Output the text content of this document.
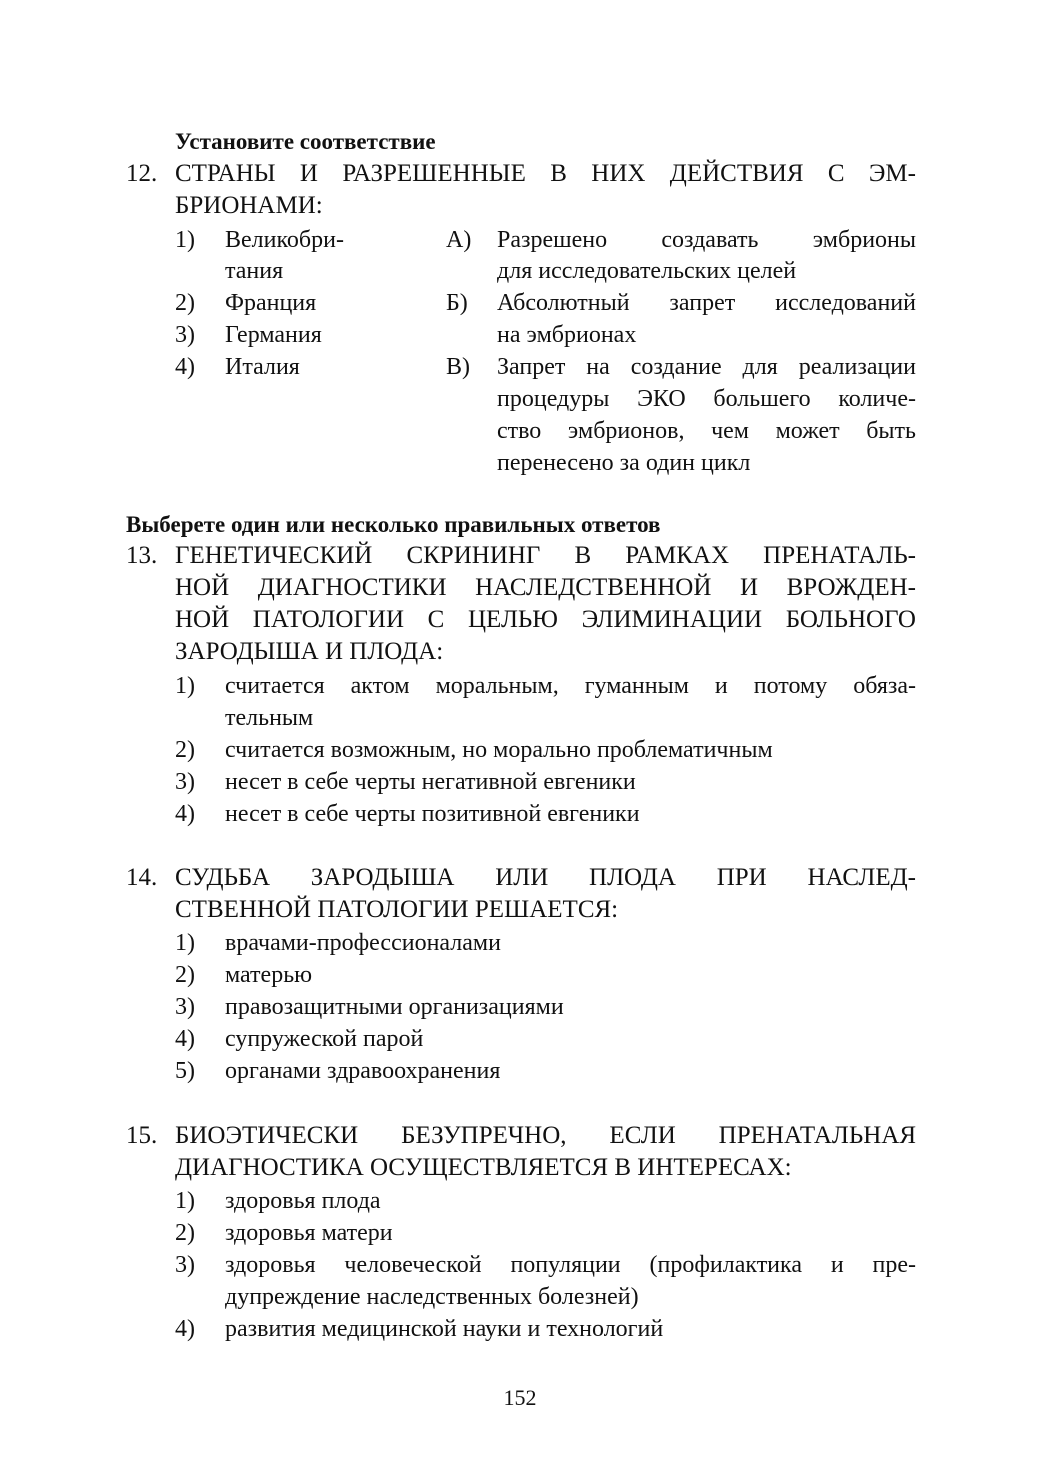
Установите соответствие
12. СТРАНЫ И РАЗРЕШЕННЫЕ В НИХ ДЕЙСТВИЯ С ЭМ-
БРИОНАМИ:
1) Великобри-
тания
2) Франция
3) Германия
4) Италия
А) Разрешено создавать эмбрионы
для исследовательских целей
Б) Абсолютный запрет исследований
на эмбрионах
В) Запрет на создание для реализации
процедуры ЭКО большего количе-
ство эмбрионов, чем может быть
перенесено за один цикл
Выберете один или несколько правильных ответов
13. ГЕНЕТИЧЕСКИЙ СКРИНИНГ В РАМКАХ ПРЕНАТАЛЬ-
НОЙ ДИАГНОСТИКИ НАСЛЕДСТВЕННОЙ И ВРОЖДЕН-
НОЙ ПАТОЛОГИИ С ЦЕЛЬЮ ЭЛИМИНАЦИИ БОЛЬНОГО
ЗАРОДЫША И ПЛОДА:
1) считается актом моральным, гуманным и потому обяза-
тельным
2) считается возможным, но морально проблематичным
3) несет в себе черты негативной евгеники
4) несет в себе черты позитивной евгеники
14. СУДЬБА ЗАРОДЫША ИЛИ ПЛОДА ПРИ НАСЛЕД-
СТВЕННОЙ ПАТОЛОГИИ РЕШАЕТСЯ:
1) врачами-профессионалами
2) матерью
3) правозащитными организациями
4) супружеской парой
5) органами здравоохранения
15. БИОЭТИЧЕСКИ БЕЗУПРЕЧНО, ЕСЛИ ПРЕНАТАЛЬНАЯ
ДИАГНОСТИКА ОСУЩЕСТВЛЯЕТСЯ В ИНТЕРЕСАХ:
1) здоровья плода
2) здоровья матери
3) здоровья человеческой популяции (профилактика и пре-
дупреждение наследственных болезней)
4) развития медицинской науки и технологий
152
